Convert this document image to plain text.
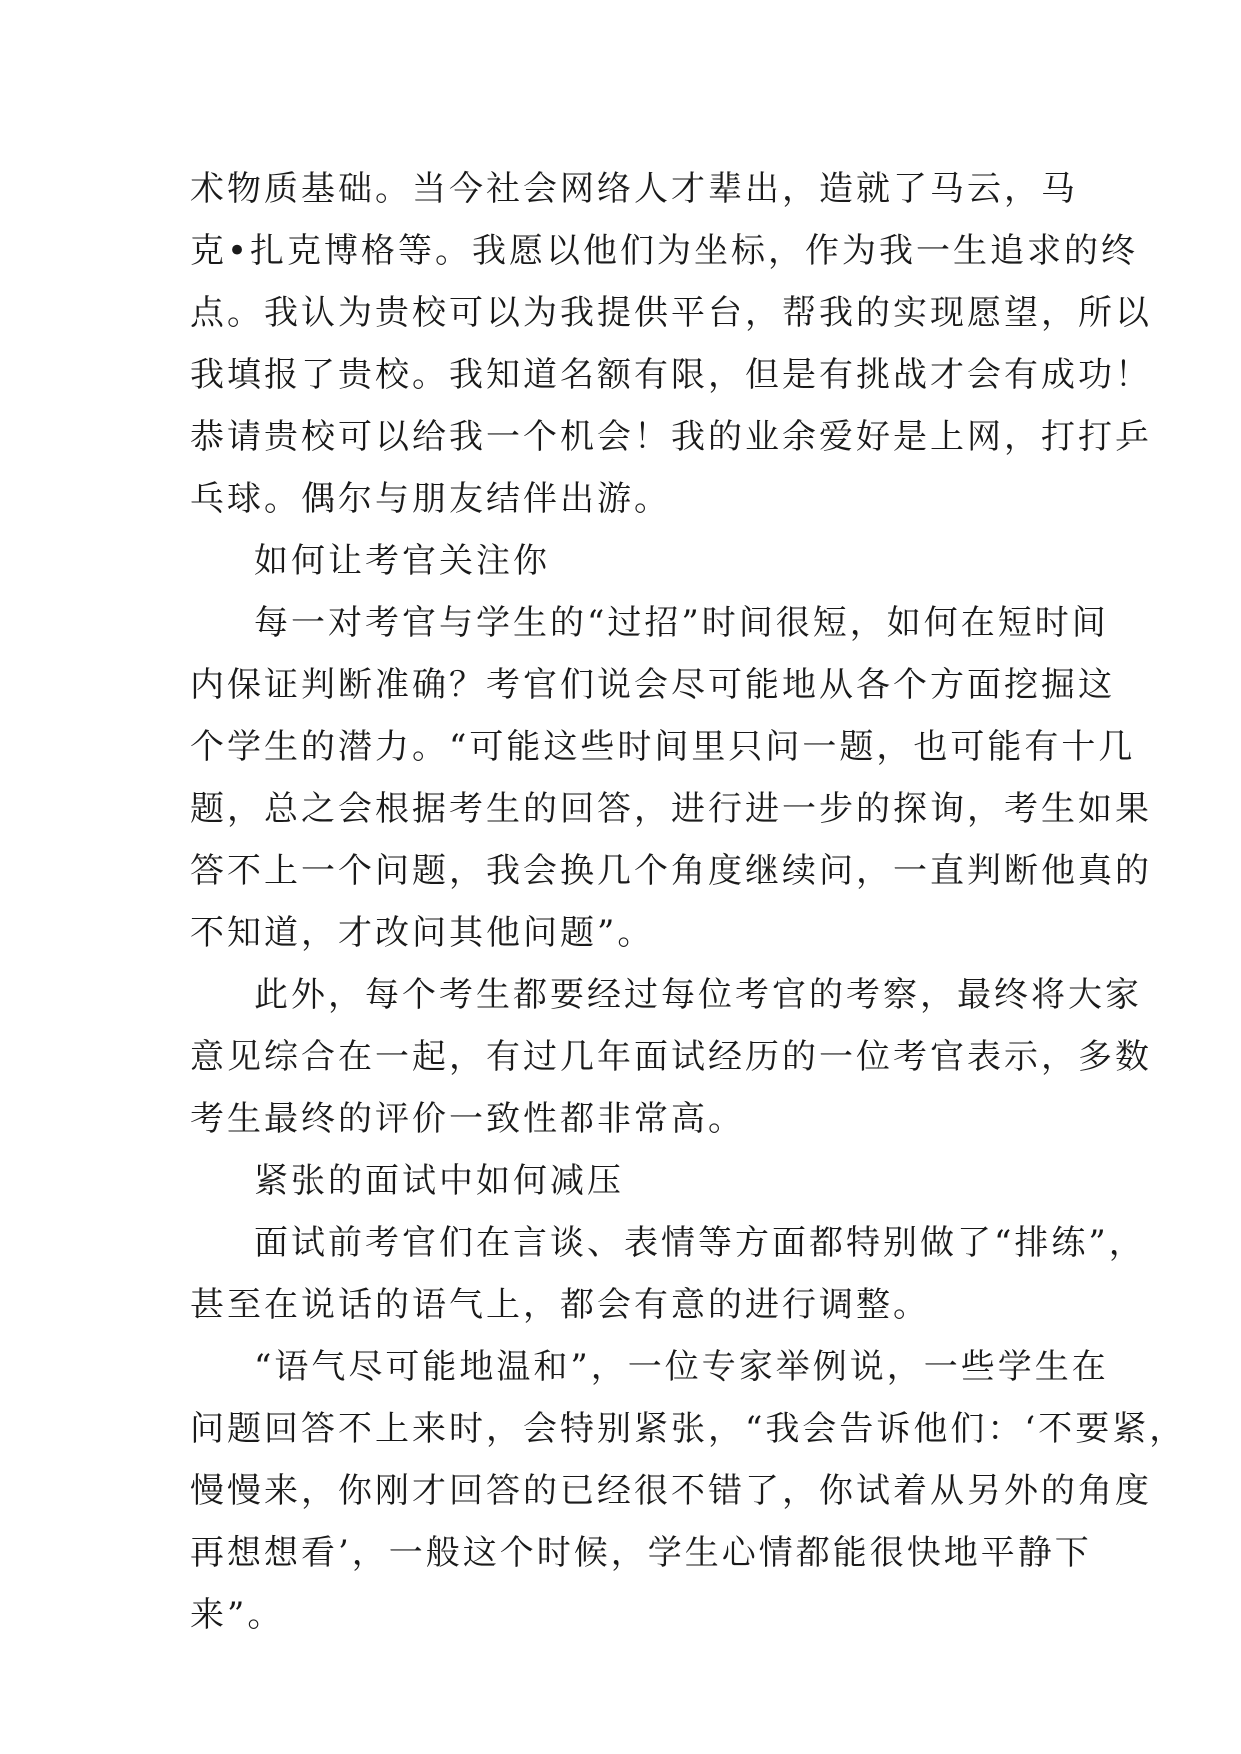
术物质基础。当今社会网络人才辈出，造就了马云，马
克•扎克博格等。我愿以他们为坐标，作为我一生追求的终
点。我认为贵校可以为我提供平台，帮我的实现愿望，所以
我填报了贵校。我知道名额有限，但是有挑战才会有成功！
恭请贵校可以给我一个机会！我的业余爱好是上网，打打乒
乓球。偶尔与朋友结伴出游。
如何让考官关注你
每一对考官与学生的“过招”时间很短，如何在短时间
内保证判断准确？考官们说会尽可能地从各个方面挖掘这
个学生的潜力。“可能这些时间里只问一题，也可能有十几
题，总之会根据考生的回答，进行进一步的探询，考生如果
答不上一个问题，我会换几个角度继续问，一直判断他真的
不知道，才改问其他问题”。
此外，每个考生都要经过每位考官的考察，最终将大家
意见综合在一起，有过几年面试经历的一位考官表示，多数
考生最终的评价一致性都非常高。
紧张的面试中如何减压
面试前考官们在言谈、表情等方面都特别做了“排练”，
甚至在说话的语气上，都会有意的进行调整。
“语气尽可能地温和”，一位专家举例说，一些学生在
问题回答不上来时，会特别紧张，“我会告诉他们：‘不要紧，
慢慢来，你刚才回答的已经很不错了，你试着从另外的角度
再想想看’，一般这个时候，学生心情都能很快地平静下
来”。
